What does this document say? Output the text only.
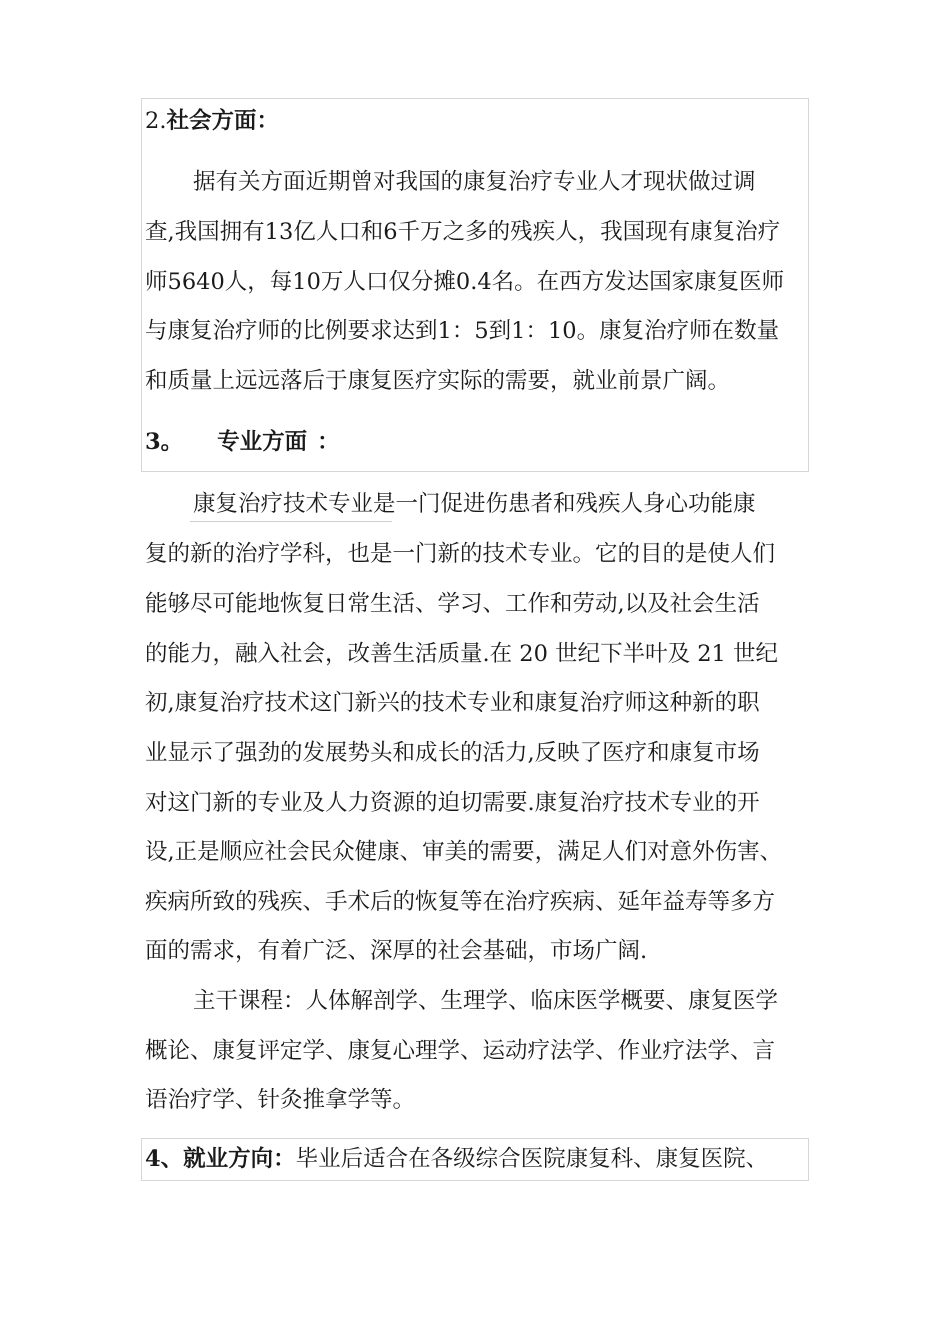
2.社会方面：
据有关方面近期曾对我国的康复治疗专业人才现状做过调
查,我国拥有13亿人口和6千万之多的残疾人，我国现有康复治疗
师5640人，每10万人口仅分摊0.4名。在西方发达国家康复医师
与康复治疗师的比例要求达到1：5到1：10。康复治疗师在数量
和质量上远远落后于康复医疗实际的需要，就业前景广阔。
3。 专业方面 ：
康复治疗技术专业是一门促进伤患者和残疾人身心功能康
复的新的治疗学科，也是一门新的技术专业。它的目的是使人们
能够尽可能地恢复日常生活、学习、工作和劳动,以及社会生活
的能力，融入社会，改善生活质量.在 20 世纪下半叶及 21 世纪
初,康复治疗技术这门新兴的技术专业和康复治疗师这种新的职
业显示了强劲的发展势头和成长的活力,反映了医疗和康复市场
对这门新的专业及人力资源的迫切需要.康复治疗技术专业的开
设,正是顺应社会民众健康、审美的需要，满足人们对意外伤害、
疾病所致的残疾、手术后的恢复等在治疗疾病、延年益寿等多方
面的需求，有着广泛、深厚的社会基础，市场广阔.
主干课程：人体解剖学、生理学、临床医学概要、康复医学
概论、康复评定学、康复心理学、运动疗法学、作业疗法学、言
语治疗学、针灸推拿学等。
4、就业方向：毕业后适合在各级综合医院康复科、康复医院、
